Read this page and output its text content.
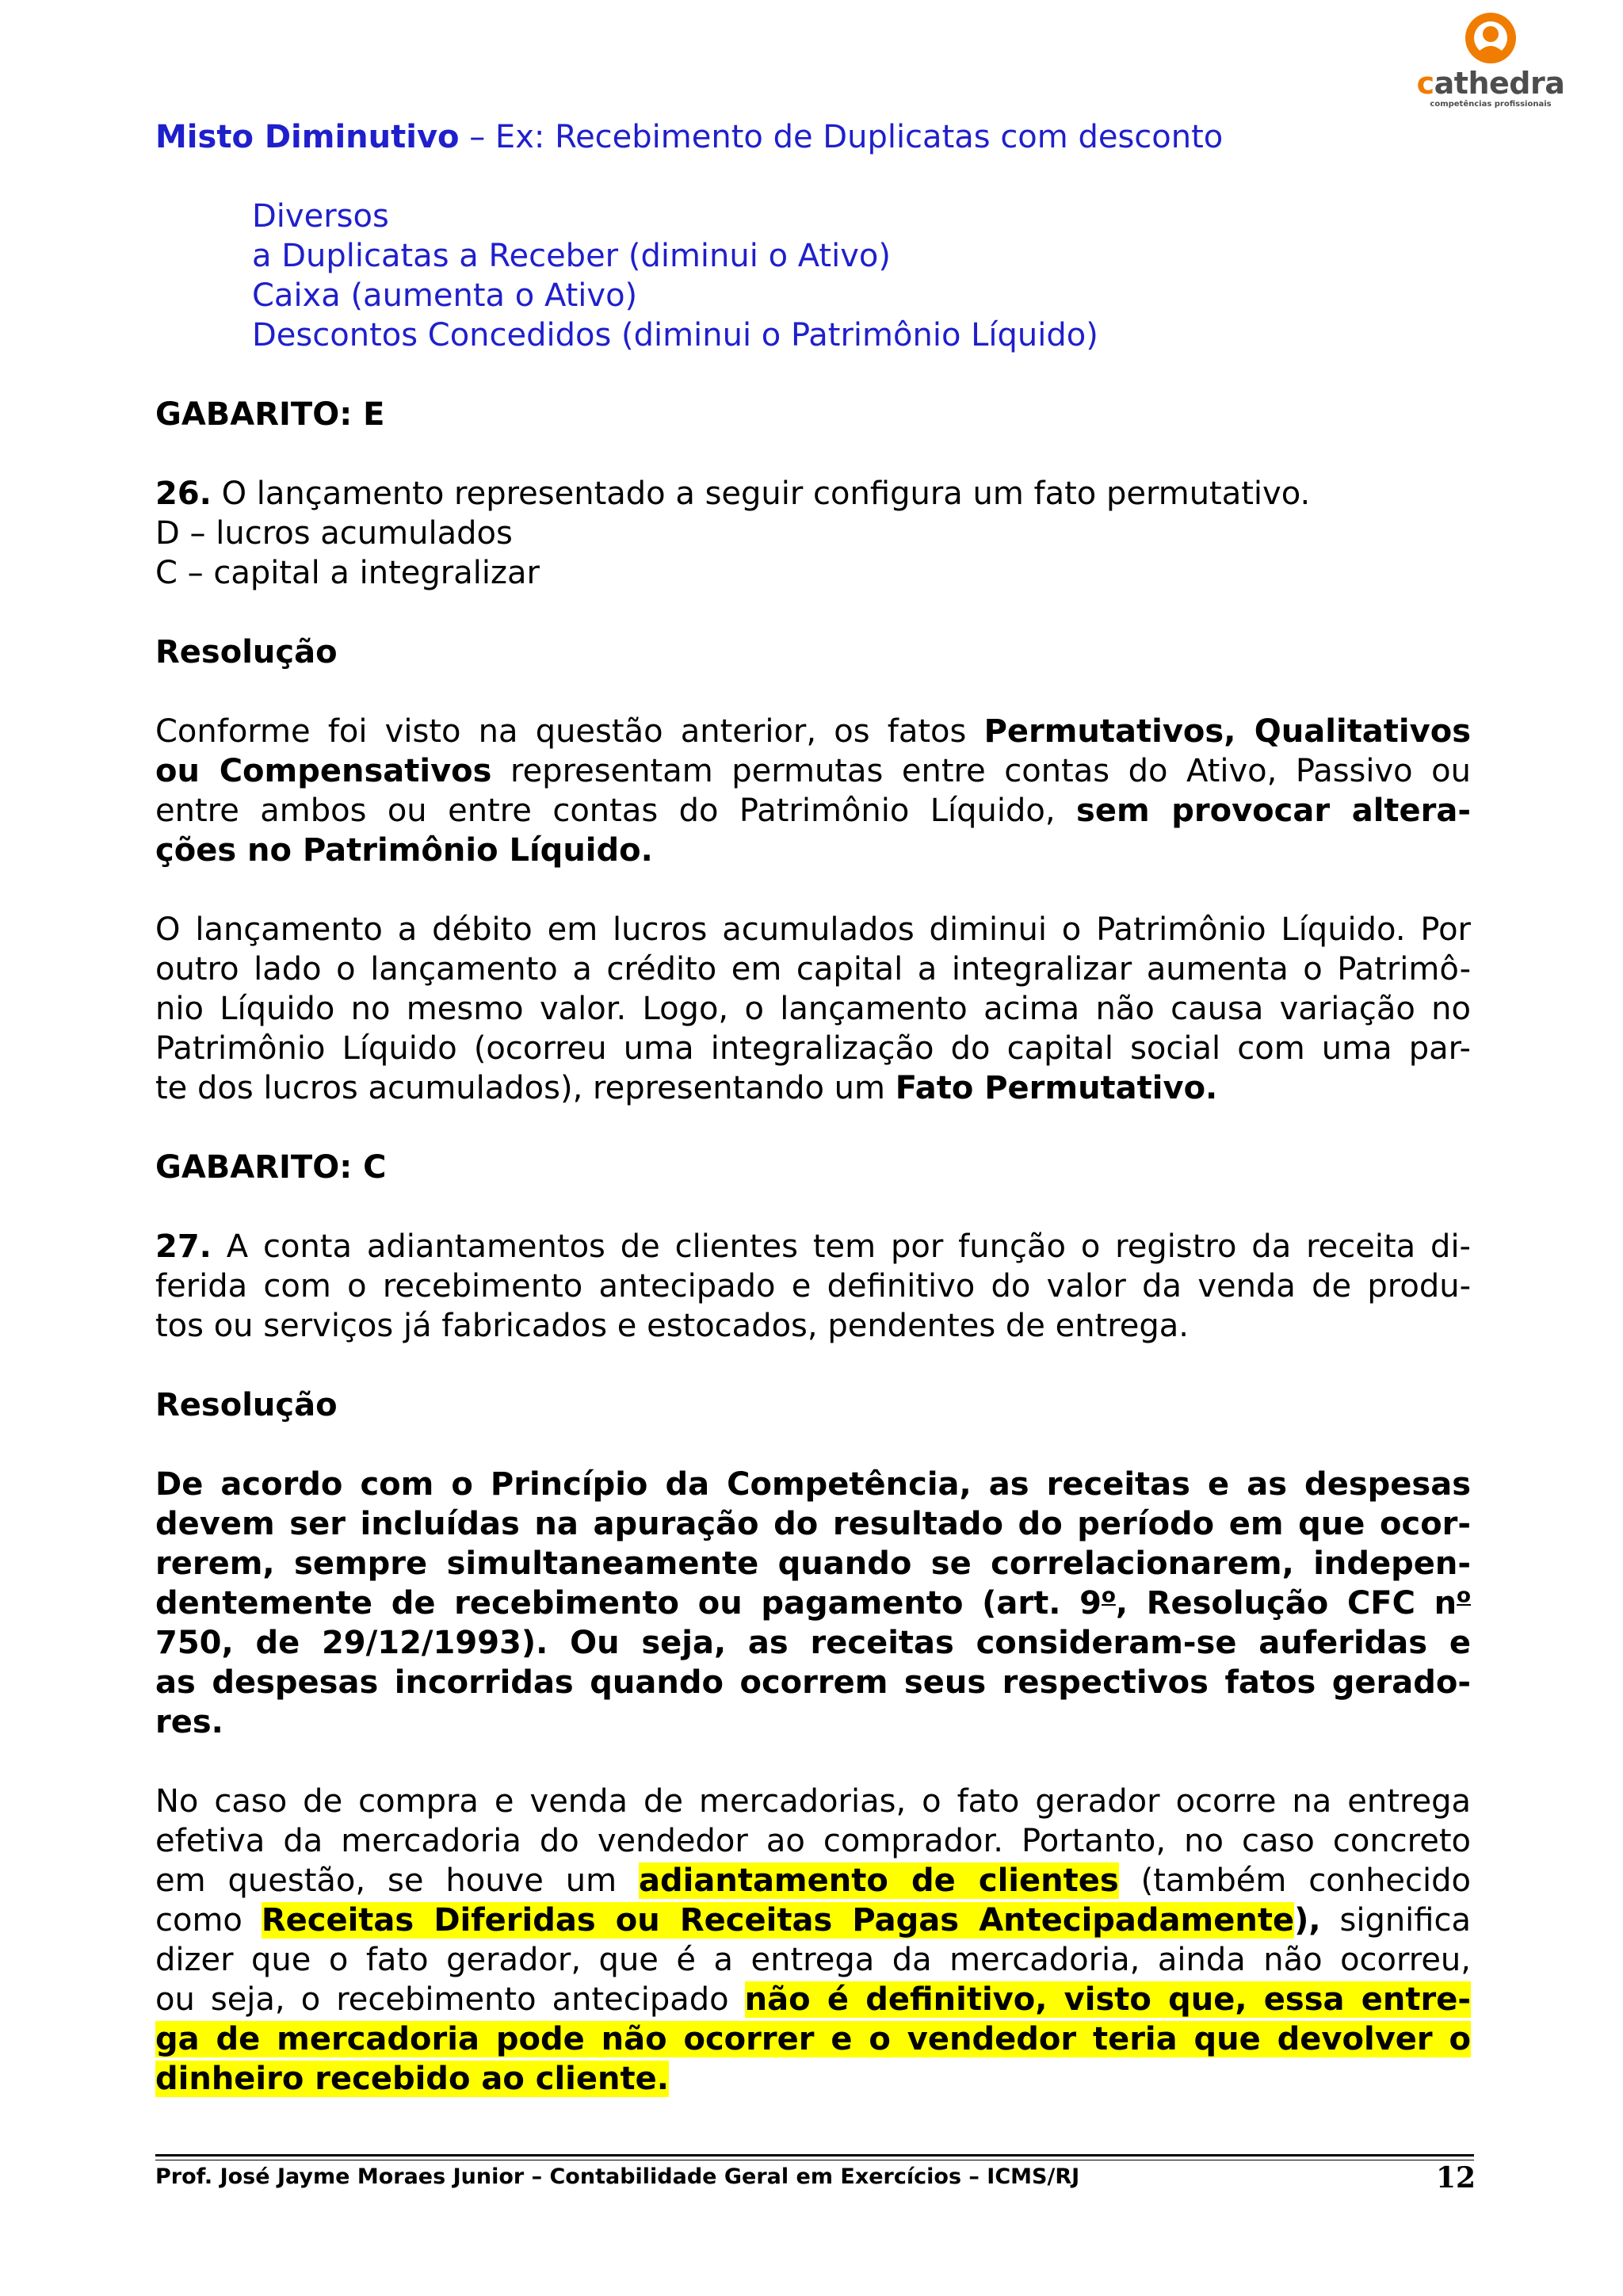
cathedra
competências profissionais
Misto Diminutivo – Ex: Recebimento de Duplicatas com desconto
Diversos
a Duplicatas a Receber (diminui o Ativo)
Caixa (aumenta o Ativo)
Descontos Concedidos (diminui o Patrimônio Líquido)
GABARITO: E
26. O lançamento representado a seguir configura um fato permutativo.
D – lucros acumulados
C – capital a integralizar
Resolução
Conforme foi visto na questão anterior, os fatos Permutativos, Qualitativos
ou Compensativos representam permutas entre contas do Ativo, Passivo ou
entre ambos ou entre contas do Patrimônio Líquido, sem provocar altera-
ções no Patrimônio Líquido.
O lançamento a débito em lucros acumulados diminui o Patrimônio Líquido. Por
outro lado o lançamento a crédito em capital a integralizar aumenta o Patrimô-
nio Líquido no mesmo valor. Logo, o lançamento acima não causa variação no
Patrimônio Líquido (ocorreu uma integralização do capital social com uma par-
te dos lucros acumulados), representando um Fato Permutativo.
GABARITO: C
27. A conta adiantamentos de clientes tem por função o registro da receita di-
ferida com o recebimento antecipado e definitivo do valor da venda de produ-
tos ou serviços já fabricados e estocados, pendentes de entrega.
Resolução
De acordo com o Princípio da Competência, as receitas e as despesas
devem ser incluídas na apuração do resultado do período em que ocor-
rerem, sempre simultaneamente quando se correlacionarem, indepen-
dentemente de recebimento ou pagamento (art. 9$^o$, Resolução CFC $n^o$
750, de 29/12/1993). Ou seja, as receitas consideram-se auferidas e
as despesas incorridas quando ocorrem seus respectivos fatos gerado-
res.
No caso de compra e venda de mercadorias, o fato gerador ocorre na entrega
efetiva da mercadoria do vendedor ao comprador. Portanto, no caso concreto
em questão, se houve um adiantamento de clientes (também conhecido
como Receitas Diferidas ou Receitas Pagas Antecipadamente), significa
dizer que o fato gerador, que é a entrega da mercadoria, ainda não ocorreu,
ou seja, o recebimento antecipado não é definitivo, visto que, essa entre-
ga de mercadoria pode não ocorrer e o vendedor teria que devolver o
dinheiro recebido ao cliente.
Prof. José Jayme Moraes Junior – Contabilidade Geral em Exercícios – ICMS/RJ	12
